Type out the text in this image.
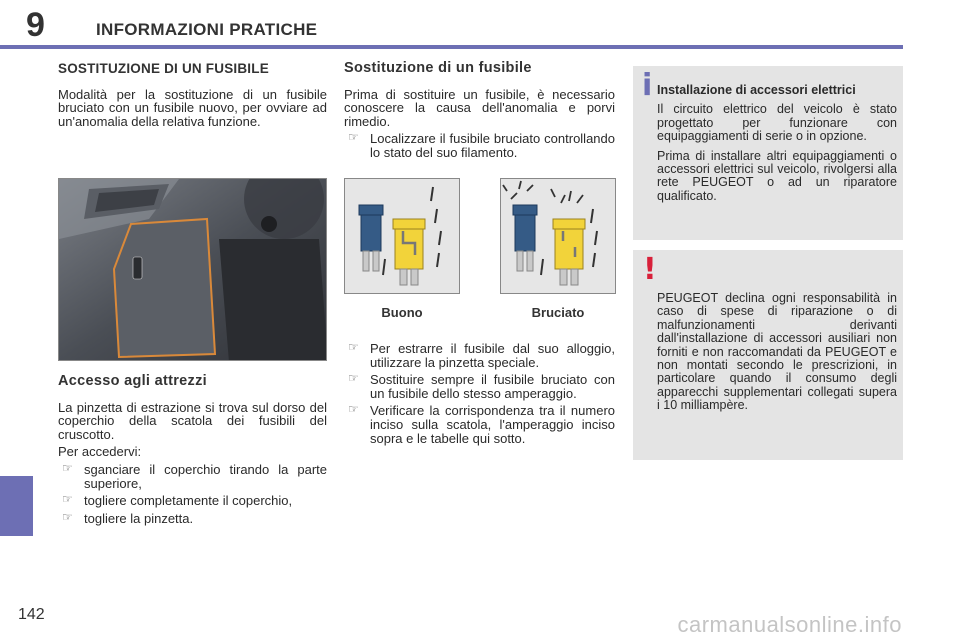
9	INFORMAZIONI PRATICHE
SOSTITUZIONE DI UN FUSIBILE

Modalità per la sostituzione di un fusibile bruciato con un fusibile nuovo, per ovviare ad un'anomalia della relativa funzione.

Accesso agli attrezzi

La pinzetta di estrazione si trova sul dorso del coperchio della scatola dei fusibili del cruscotto.

Per accedervi:

☞ sganciare il coperchio tirando la parte superiore,
☞ togliere completamente il coperchio,
☞ togliere la pinzetta.
Sostituzione di un fusibile

Prima di sostituire un fusibile, è necessario conoscere la causa dell'anomalia e porvi rimedio.

☞ Localizzare il fusibile bruciato controllando lo stato del suo filamento.
Buono	Bruciato
☞ Per estrarre il fusibile dal suo alloggio, utilizzare la pinzetta speciale.
☞ Sostituire sempre il fusibile bruciato con un fusibile dello stesso amperaggio.
☞ Verificare la corrispondenza tra il numero inciso sulla scatola, l'amperaggio inciso sopra e le tabelle qui sotto.
i Installazione di accessori elettrici

Il circuito elettrico del veicolo è stato progettato per funzionare con equipaggiamenti di serie o in opzione.

Prima di installare altri equipaggiamenti o accessori elettrici sul veicolo, rivolgersi alla rete PEUGEOT o ad un riparatore qualificato.

!
PEUGEOT declina ogni responsabilità in caso di spese di riparazione o di malfunzionamenti derivanti dall'installazione di accessori ausiliari non forniti e non raccomandati da PEUGEOT e non montati secondo le prescrizioni, in particolare quando il consumo degli apparecchi supplementari collegati supera i 10 milliampère.
142	carmanualsonline.info
